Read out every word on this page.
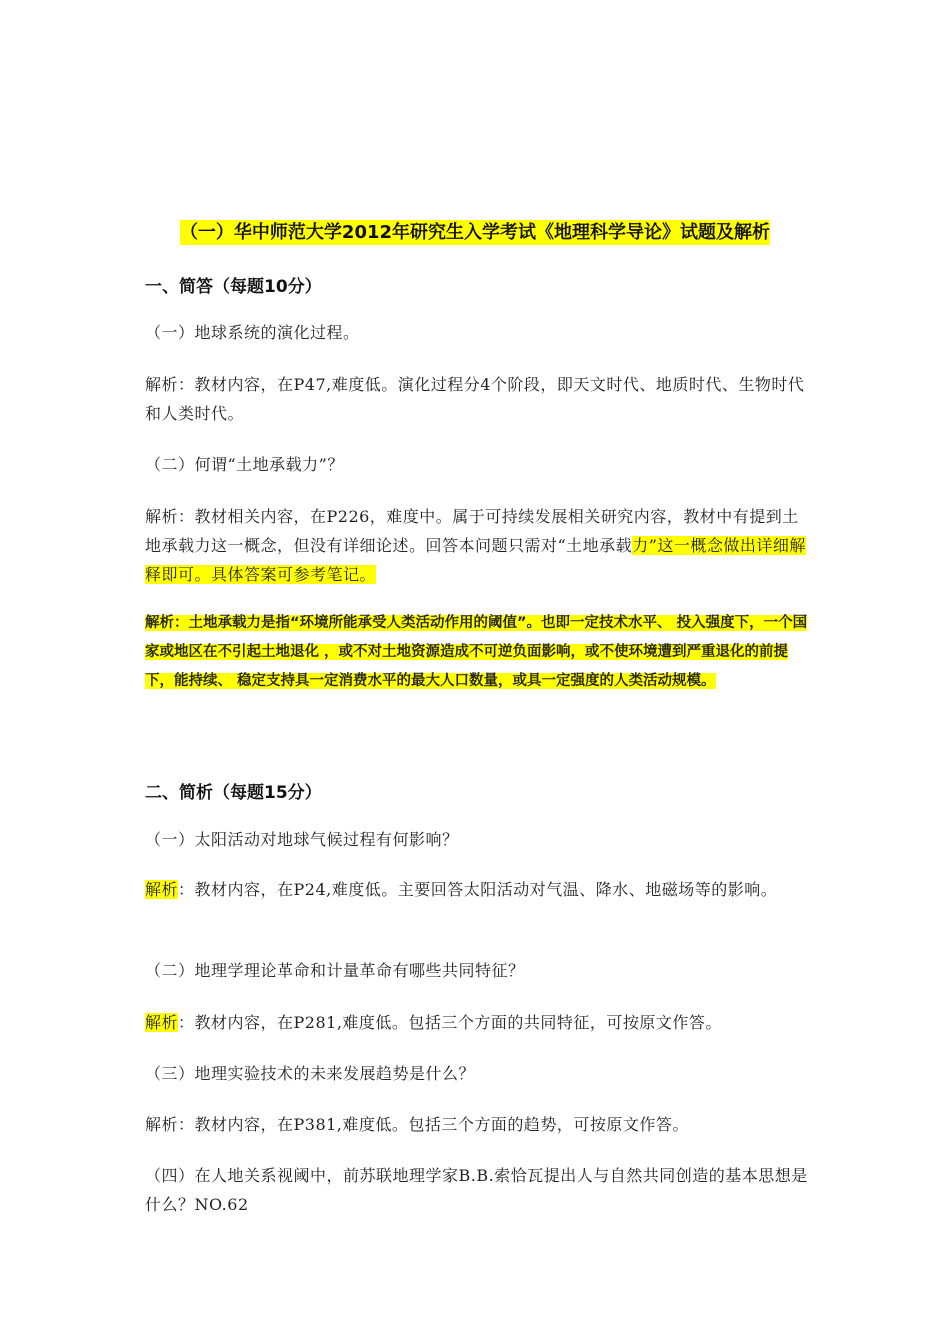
（一）华中师范大学2012年研究生入学考试《地理科学导论》试题及解析
一、简答（每题10分）
（一）地球系统的演化过程。
解析：教材内容，在P47,难度低。演化过程分4个阶段，即天文时代、地质时代、生物时代和人类时代。
（二）何谓“土地承载力”？
解析：教材相关内容，在P226，难度中。属于可持续发展相关研究内容，教材中有提到土地承载力这一概念，但没有详细论述。回答本问题只需对“土地承载力”这一概念做出详细解释即可。具体答案可参考笔记。
解析：土地承载力是指“环境所能承受人类活动作用的阈值”。也即一定技术水平、 投入强度下，一个国家或地区在不引起土地退化 ，或不对土地资源造成不可逆负面影响，或不使环境遭到严重退化的前提下，能持续、 稳定支持具一定消费水平的最大人口数量，或具一定强度的人类活动规模。
二、简析（每题15分）
（一）太阳活动对地球气候过程有何影响？
解析：教材内容，在P24,难度低。主要回答太阳活动对气温、降水、地磁场等的影响。
（二）地理学理论革命和计量革命有哪些共同特征？
解析：教材内容，在P281,难度低。包括三个方面的共同特征，可按原文作答。
（三）地理实验技术的未来发展趋势是什么？
解析：教材内容，在P381,难度低。包括三个方面的趋势，可按原文作答。
（四）在人地关系视阈中，前苏联地理学家B.B.索恰瓦提出人与自然共同创造的基本思想是什么？NO.62
